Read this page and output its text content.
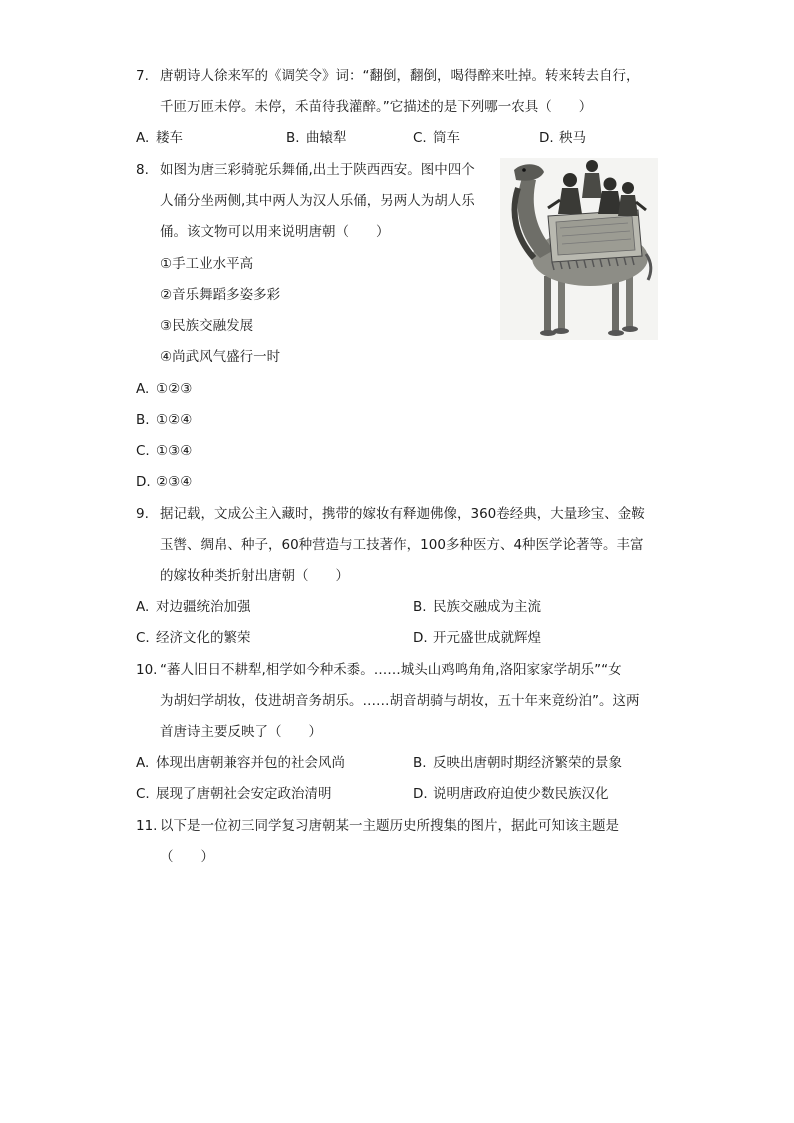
7. 唐朝诗人徐来军的《调笑令》词：“翻倒，翻倒，喝得醉来吐掉。转来转去自行，
千匝万匝未停。未停，禾苗待我灌醉。”它描述的是下列哪一农具（　　）
A. 耧车	B. 曲辕犁	C. 筒车	D. 秧马
8. 如图为唐三彩骑驼乐舞俑,出土于陕西西安。图中四个
人俑分坐两侧,其中两人为汉人乐俑，另两人为胡人乐
俑。该文物可以用来说明唐朝（　　）
①手工业水平高
②音乐舞蹈多姿多彩
③民族交融发展
④尚武风气盛行一时
A. ①②③
B. ①②④
C. ①③④
D. ②③④
9. 据记载，文成公主入藏时，携带的嫁妆有释迦佛像，360卷经典，大量珍宝、金鞍
玉辔、绸帛、种子，60种营造与工技著作，100多种医方、4种医学论著等。丰富
的嫁妆种类折射出唐朝（　　）
A. 对边疆统治加强	B. 民族交融成为主流
C. 经济文化的繁荣	D. 开元盛世成就辉煌
10. “蕃人旧日不耕犁,相学如今种禾黍。……城头山鸡鸣角角,洛阳家家学胡乐”“女
为胡妇学胡妆，伎进胡音务胡乐。……胡音胡骑与胡妆，五十年来竟纷泊”。这两
首唐诗主要反映了（　　）
A. 体现出唐朝兼容并包的社会风尚	B. 反映出唐朝时期经济繁荣的景象
C. 展现了唐朝社会安定政治清明	D. 说明唐政府迫使少数民族汉化
11. 以下是一位初三同学复习唐朝某一主题历史所搜集的图片，据此可知该主题是
（　　）
